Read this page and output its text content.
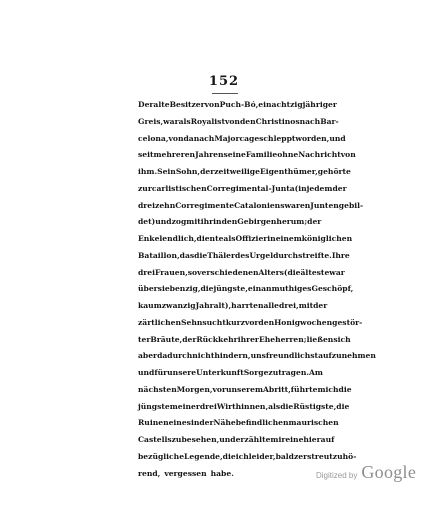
152
Der alte Besitzer von Puch-Bó, ein achtzigjähriger
Greis, war als Royalist von den Christinos nach Bar-
celona, von da nach Majorca geschleppt worden, und
seit mehreren Jahren seine Familie ohne Nachricht von
ihm. Sein Sohn, der zeitweilige Eigenthümer, gehörte
zur carlistischen Corregimental-Junta (in jedem der
dreizehn Corregimente Cataloniens waren Junten gebil-
det) und zog mit ihr in den Gebirgen herum; der
Enkel endlich, diente als Offizier in einem königlichen
Bataillon, das die Thäler des Urgel durchstreifte. Ihre
drei Frauen, so verschiedenen Alters (die älteste war
über siebenzig, die jüngste, ein anmuthiges Geschöpf,
kaum zwanzig Jahr alt), harrten alle drei, mit der
zärtlichen Sehnsucht kurz vor den Honigwochen gestör-
ter Bräute, der Rückkehr ihrer Eheherren; ließen sich
aber dadurch nicht hindern, uns freundlichst aufzunehmen
und für unsere Unterkunft Sorge zu tragen. Am
nächsten Morgen, vor unserem Abritt, führte mich die
jüngste meiner drei Wirthinnen, als die Rüstigste, die
Ruinen eines in der Nähe befindlichen maurischen
Castells zu besehen, und erzählte mir eine hierauf
bezügliche Legende, die ich leider, bald zerstreut zuhö-
rend, vergessen habe.	Digitized by Google
